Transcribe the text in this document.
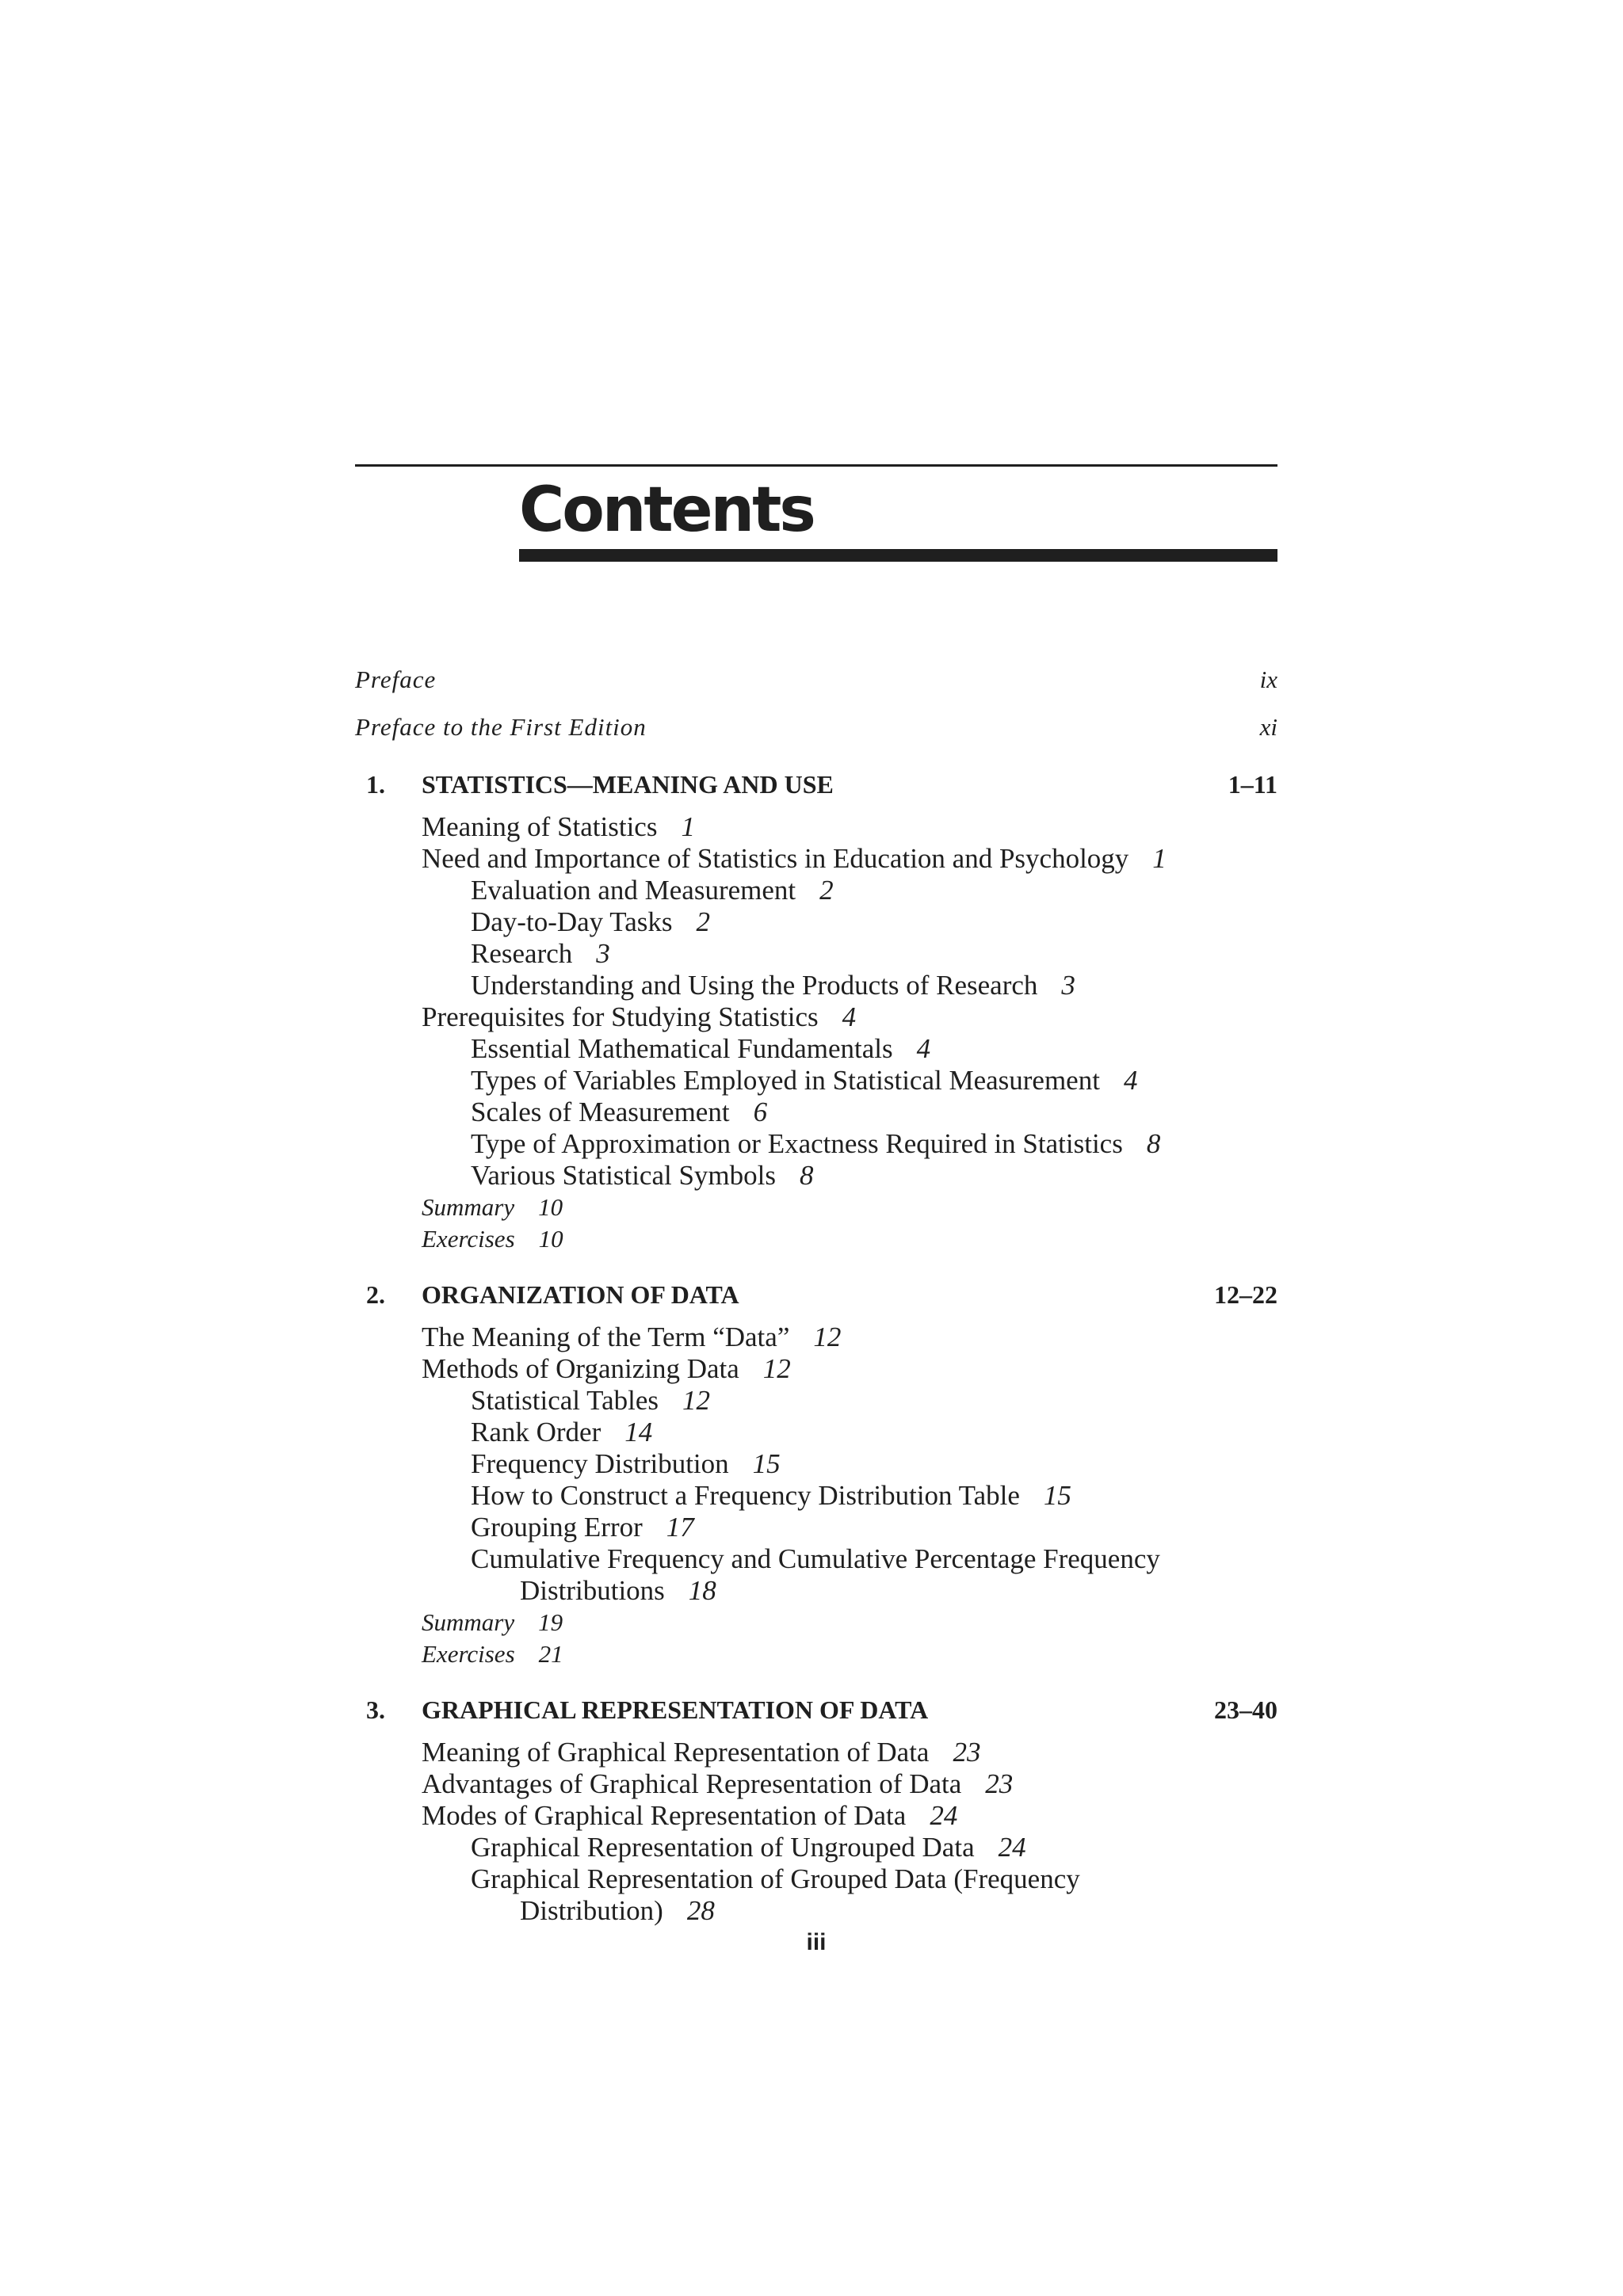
Contents
Preface	ix
Preface to the First Edition	xi
1. STATISTICS—MEANING AND USE	1–11
Meaning of Statistics 1
Need and Importance of Statistics in Education and Psychology 1
Evaluation and Measurement 2
Day-to-Day Tasks 2
Research 3
Understanding and Using the Products of Research 3
Prerequisites for Studying Statistics 4
Essential Mathematical Fundamentals 4
Types of Variables Employed in Statistical Measurement 4
Scales of Measurement 6
Type of Approximation or Exactness Required in Statistics 8
Various Statistical Symbols 8
Summary 10
Exercises 10
2. ORGANIZATION OF DATA	12–22
The Meaning of the Term “Data” 12
Methods of Organizing Data 12
Statistical Tables 12
Rank Order 14
Frequency Distribution 15
How to Construct a Frequency Distribution Table 15
Grouping Error 17
Cumulative Frequency and Cumulative Percentage Frequency
Distributions 18
Summary 19
Exercises 21
3. GRAPHICAL REPRESENTATION OF DATA	23–40
Meaning of Graphical Representation of Data 23
Advantages of Graphical Representation of Data 23
Modes of Graphical Representation of Data 24
Graphical Representation of Ungrouped Data 24
Graphical Representation of Grouped Data (Frequency
Distribution) 28
iii
